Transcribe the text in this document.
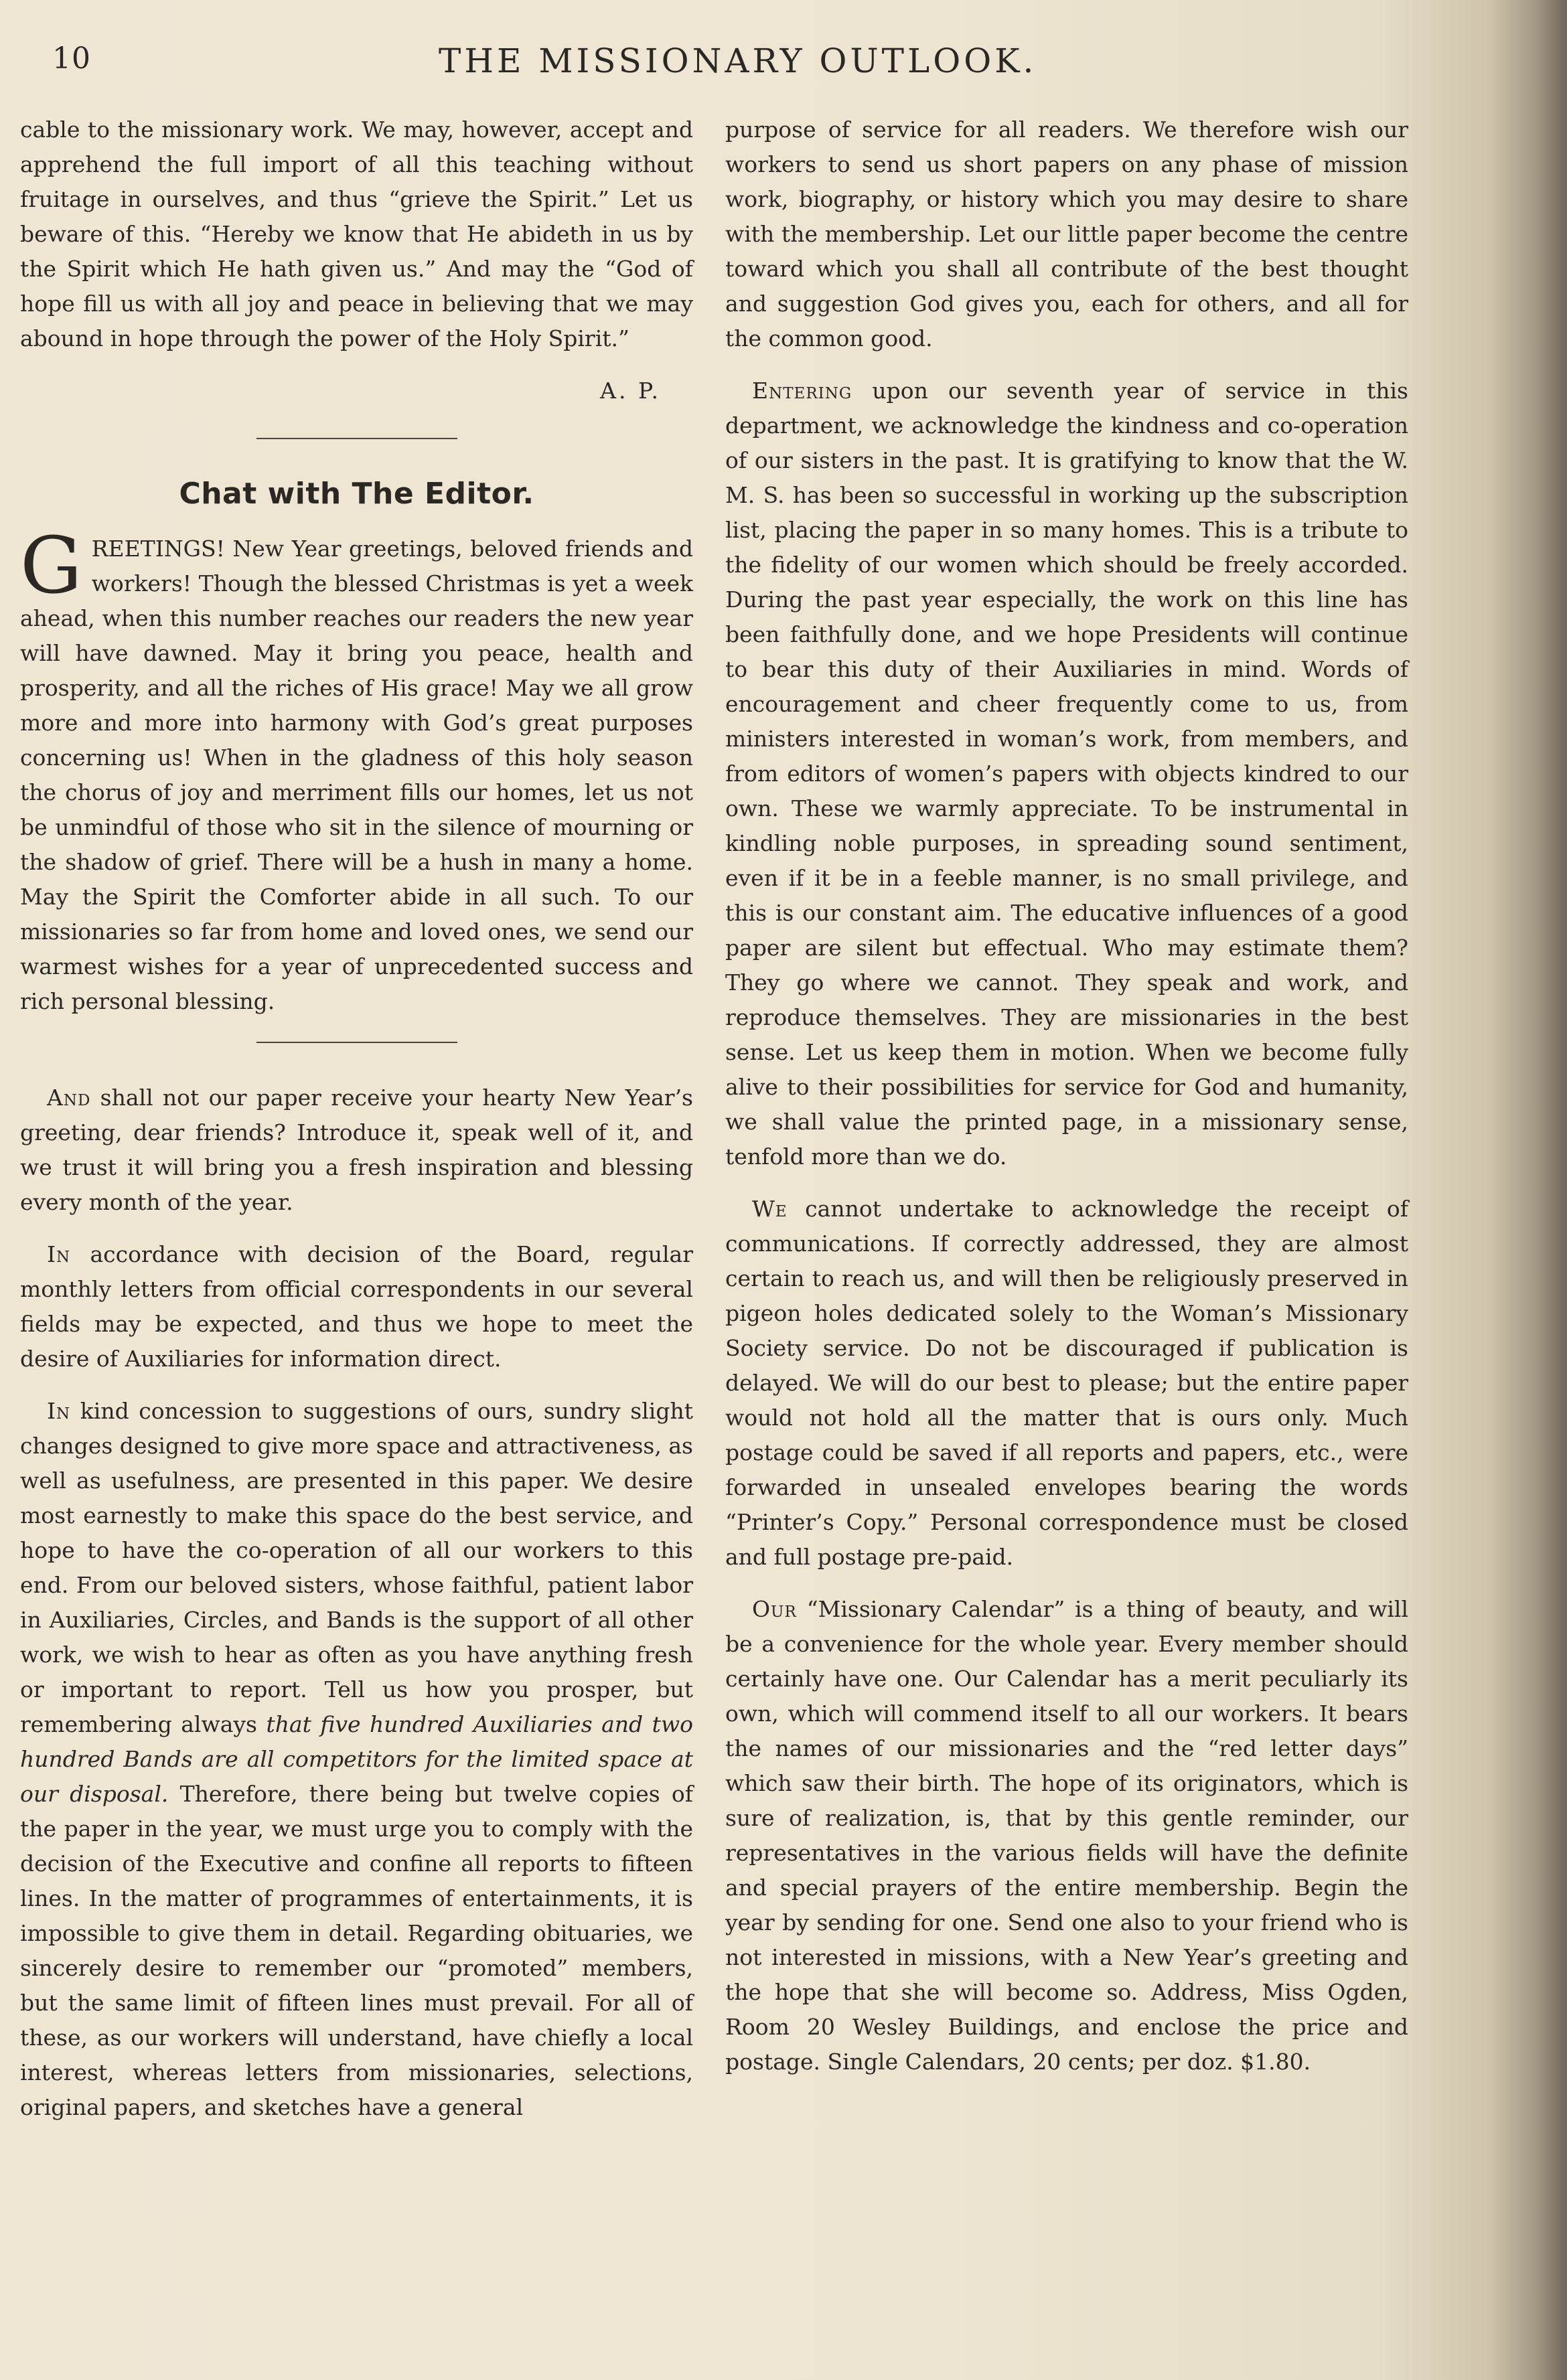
10	THE MISSIONARY OUTLOOK.

cable to the missionary work. We may, however, accept and apprehend the full import of all this teaching without fruitage in ourselves, and thus “grieve the Spirit.” Let us beware of this. “Hereby we know that He abideth in us by the Spirit which He hath given us.” And may the “God of hope fill us with all joy and peace in believing that we may abound in hope through the power of the Holy Spirit.”

A. P.
Chat with The Editor.

GREETINGS! New Year greetings, beloved friends and workers! Though the blessed Christmas is yet a week ahead, when this number reaches our readers the new year will have dawned. May it bring you peace, health and prosperity, and all the riches of His grace! May we all grow more and more into harmony with God’s great purposes concerning us! When in the gladness of this holy season the chorus of joy and merriment fills our homes, let us not be unmindful of those who sit in the silence of mourning or the shadow of grief. There will be a hush in many a home. May the Spirit the Comforter abide in all such. To our missionaries so far from home and loved ones, we send our warmest wishes for a year of unprecedented success and rich personal blessing.

And shall not our paper receive your hearty New Year’s greeting, dear friends? Introduce it, speak well of it, and we trust it will bring you a fresh inspiration and blessing every month of the year.

In accordance with decision of the Board, regular monthly letters from official correspondents in our several fields may be expected, and thus we hope to meet the desire of Auxiliaries for information direct.

In kind concession to suggestions of ours, sundry slight changes designed to give more space and attractiveness, as well as usefulness, are presented in this paper. We desire most earnestly to make this space do the best service, and hope to have the co-operation of all our workers to this end. From our beloved sisters, whose faithful, patient labor in Auxiliaries, Circles, and Bands is the support of all other work, we wish to hear as often as you have anything fresh or important to report. Tell us how you prosper, but remembering always that five hundred Auxiliaries and two hundred Bands are all competitors for the limited space at our disposal. Therefore, there being but twelve copies of the paper in the year, we must urge you to comply with the decision of the Executive and confine all reports to fifteen lines. In the matter of programmes of entertainments, it is impossible to give them in detail. Regarding obituaries, we sincerely desire to remember our “promoted” members, but the same limit of fifteen lines must prevail. For all of these, as our workers will understand, have chiefly a local interest, whereas letters from missionaries, selections, original papers, and sketches have a general

purpose of service for all readers. We therefore wish our workers to send us short papers on any phase of mission work, biography, or history which you may desire to share with the membership. Let our little paper become the centre toward which you shall all contribute of the best thought and suggestion God gives you, each for others, and all for the common good.

Entering upon our seventh year of service in this department, we acknowledge the kindness and co-operation of our sisters in the past. It is gratifying to know that the W. M. S. has been so successful in working up the subscription list, placing the paper in so many homes. This is a tribute to the fidelity of our women which should be freely accorded. During the past year especially, the work on this line has been faithfully done, and we hope Presidents will continue to bear this duty of their Auxiliaries in mind. Words of encouragement and cheer frequently come to us, from ministers interested in woman’s work, from members, and from editors of women’s papers with objects kindred to our own. These we warmly appreciate. To be instrumental in kindling noble purposes, in spreading sound sentiment, even if it be in a feeble manner, is no small privilege, and this is our constant aim. The educative influences of a good paper are silent but effectual. Who may estimate them? They go where we cannot. They speak and work, and reproduce themselves. They are missionaries in the best sense. Let us keep them in motion. When we become fully alive to their possibilities for service for God and humanity, we shall value the printed page, in a missionary sense, tenfold more than we do.

We cannot undertake to acknowledge the receipt of communications. If correctly addressed, they are almost certain to reach us, and will then be religiously preserved in pigeon holes dedicated solely to the Woman’s Missionary Society service. Do not be discouraged if publication is delayed. We will do our best to please; but the entire paper would not hold all the matter that is ours only. Much postage could be saved if all reports and papers, etc., were forwarded in unsealed envelopes bearing the words “Printer’s Copy.” Personal correspondence must be closed and full postage pre-paid.

Our “Missionary Calendar” is a thing of beauty, and will be a convenience for the whole year. Every member should certainly have one. Our Calendar has a merit peculiarly its own, which will commend itself to all our workers. It bears the names of our missionaries and the “red letter days” which saw their birth. The hope of its originators, which is sure of realization, is, that by this gentle reminder, our representatives in the various fields will have the definite and special prayers of the entire membership. Begin the year by sending for one. Send one also to your friend who is not interested in missions, with a New Year’s greeting and the hope that she will become so. Address, Miss Ogden, Room 20 Wesley Buildings, and enclose the price and postage. Single Calendars, 20 cents; per doz. $1.80.
